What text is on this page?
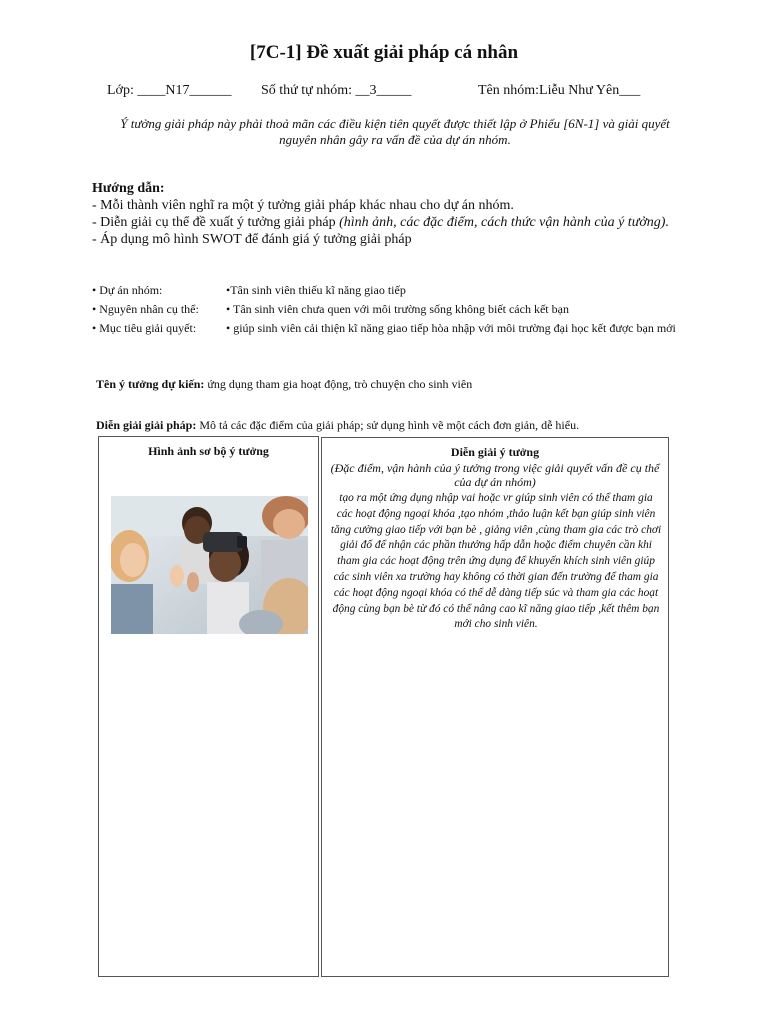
[7C-1] Đề xuất giải pháp cá nhân
Lớp: ____N17______ Số thứ tự nhóm: __3_____	Tên nhóm:Liễu Như Yên___
Ý tưởng giải pháp này phải thoả mãn các điều kiện tiên quyết được thiết lập ở Phiếu [6N-1] và giải quyết nguyên nhân gây ra vấn đề của dự án nhóm.
Hướng dẫn:
- Mỗi thành viên nghĩ ra một ý tưởng giải pháp khác nhau cho dự án nhóm.
- Diễn giải cụ thể đề xuất ý tưởng giải pháp (hình ảnh, các đặc điểm, cách thức vận hành của ý tưởng).
- Áp dụng mô hình SWOT để đánh giá ý tưởng giải pháp
• Dự án nhóm:	•Tân sinh viên thiếu kĩ năng giao tiếp
• Nguyên nhân cụ thể:	• Tân sinh viên chưa quen với môi trường sống không biết cách kết bạn
• Mục tiêu giải quyết:	• giúp sinh viên cải thiện kĩ năng giao tiếp hòa nhập với môi trường đại học kết được bạn mới
Tên ý tưởng dự kiến: ứng dụng tham gia hoạt động, trò chuyện cho sinh viên
Diễn giải giải pháp: Mô tả các đặc điểm của giải pháp; sử dụng hình vẽ một cách đơn giản, dễ hiểu.
Hình ảnh sơ bộ ý tưởng	Diễn giải ý tưởng
(Đặc điểm, vận hành của ý tưởng trong việc giải quyết vấn đề cụ thể của dự án nhóm)
tạo ra một ứng dụng nhập vai hoặc vr giúp sinh viên có thể tham gia các hoạt động ngoại khóa ,tạo nhóm ,thảo luận kết bạn giúp sinh viên tăng cường giao tiếp với bạn bè , giảng viên ,cùng tham gia các trò chơi giải đố để nhận các phần thưởng hấp dẫn hoặc điểm chuyên cần khi tham gia các hoạt động trên ứng dụng để khuyến khích sinh viên giúp các sinh viên xa trường hay không có thời gian đến trường để tham gia các hoạt động ngoại khóa có thể dễ dàng tiếp súc và tham gia các hoạt động cùng bạn bè từ đó có thể nâng cao kĩ năng giao tiếp ,kết thêm bạn mới cho sinh viên.
